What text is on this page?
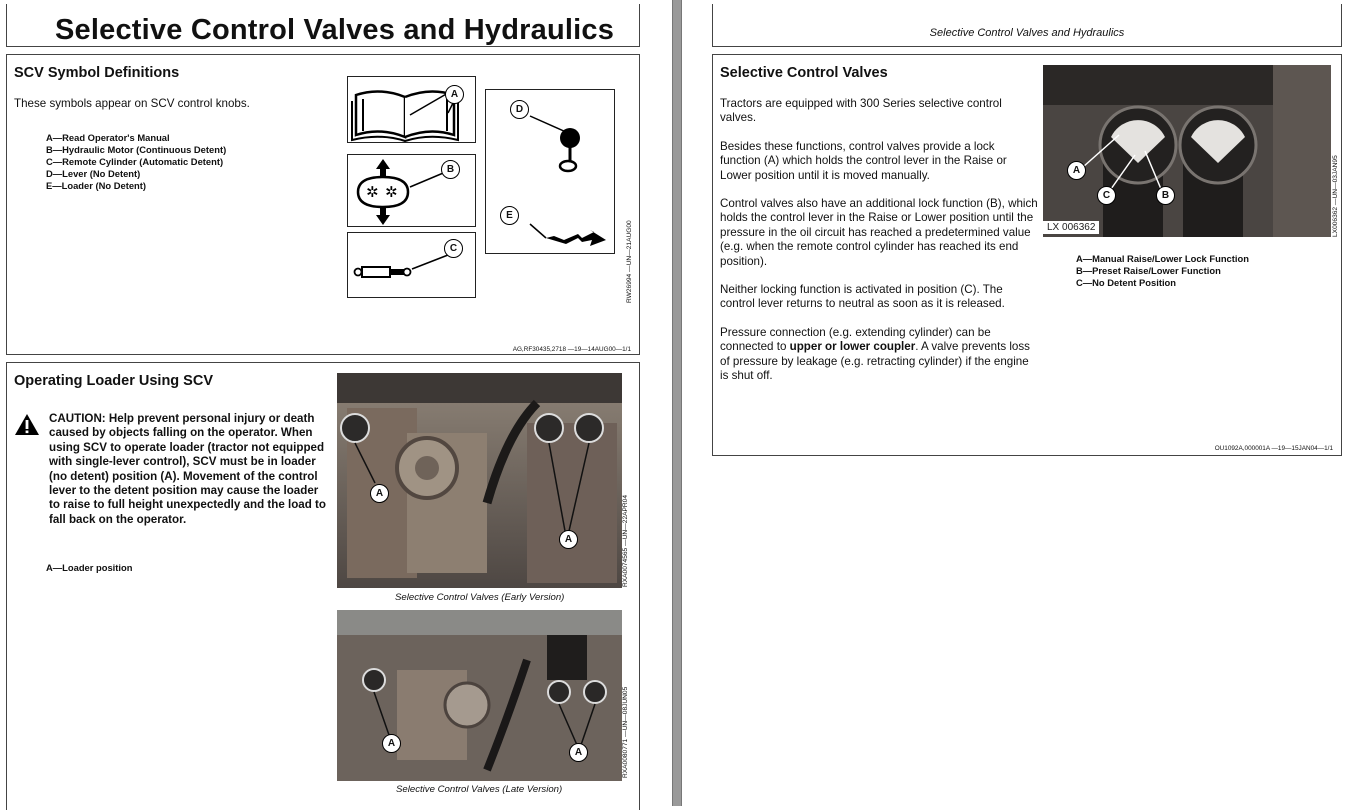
Selective Control Valves and Hydraulics
SCV Symbol Definitions
These symbols appear on SCV control knobs.
A—Read Operator's Manual
B—Hydraulic Motor (Continuous Detent)
C—Remote Cylinder (Automatic Detent)
D—Lever (No Detent)
E—Loader (No Detent)
A
✲ ✲
B
C
D
E
RW26994 —UN—21AUG00
AG,RF30435,2718 —19—14AUG00—1/1
Operating Loader Using SCV
CAUTION: Help prevent personal injury or death caused by objects falling on the operator. When using SCV to operate loader (tractor not equipped with single-lever control), SCV must be in loader (no detent) position (A). Movement of the control lever to the detent position may cause the loader to raise to full height unexpectedly and the load to fall back on the operator.
A—Loader position
A
A	RXA0074565 —UN—22APR04
Selective Control Valves (Early Version)
A
A	RXA0080771 —UN—08JUN05
Selective Control Valves (Late Version)
Selective Control Valves and Hydraulics
Selective Control Valves

Tractors are equipped with 300 Series selective control valves.

Besides these functions, control valves provide a lock function (A) which holds the control lever in the Raise or Lower position until it is moved manually.

Control valves also have an additional lock function (B), which holds the control lever in the Raise or Lower position until the pressure in the oil circuit has reached a predetermined value (e.g. when the remote control cylinder has reached its end position).

Neither locking function is activated in position (C). The control lever returns to neutral as soon as it is released.

Pressure connection (e.g. extending cylinder) can be connected to upper or lower coupler. A valve prevents loss of pressure by leakage (e.g. retracting cylinder) if the engine is shut off.

A
C	B
LX 006362	LX006362 —UN—03JAN95
A—Manual Raise/Lower Lock Function
B—Preset Raise/Lower Function
C—No Detent Position
OU1092A,000001A —19—15JAN04—1/1
